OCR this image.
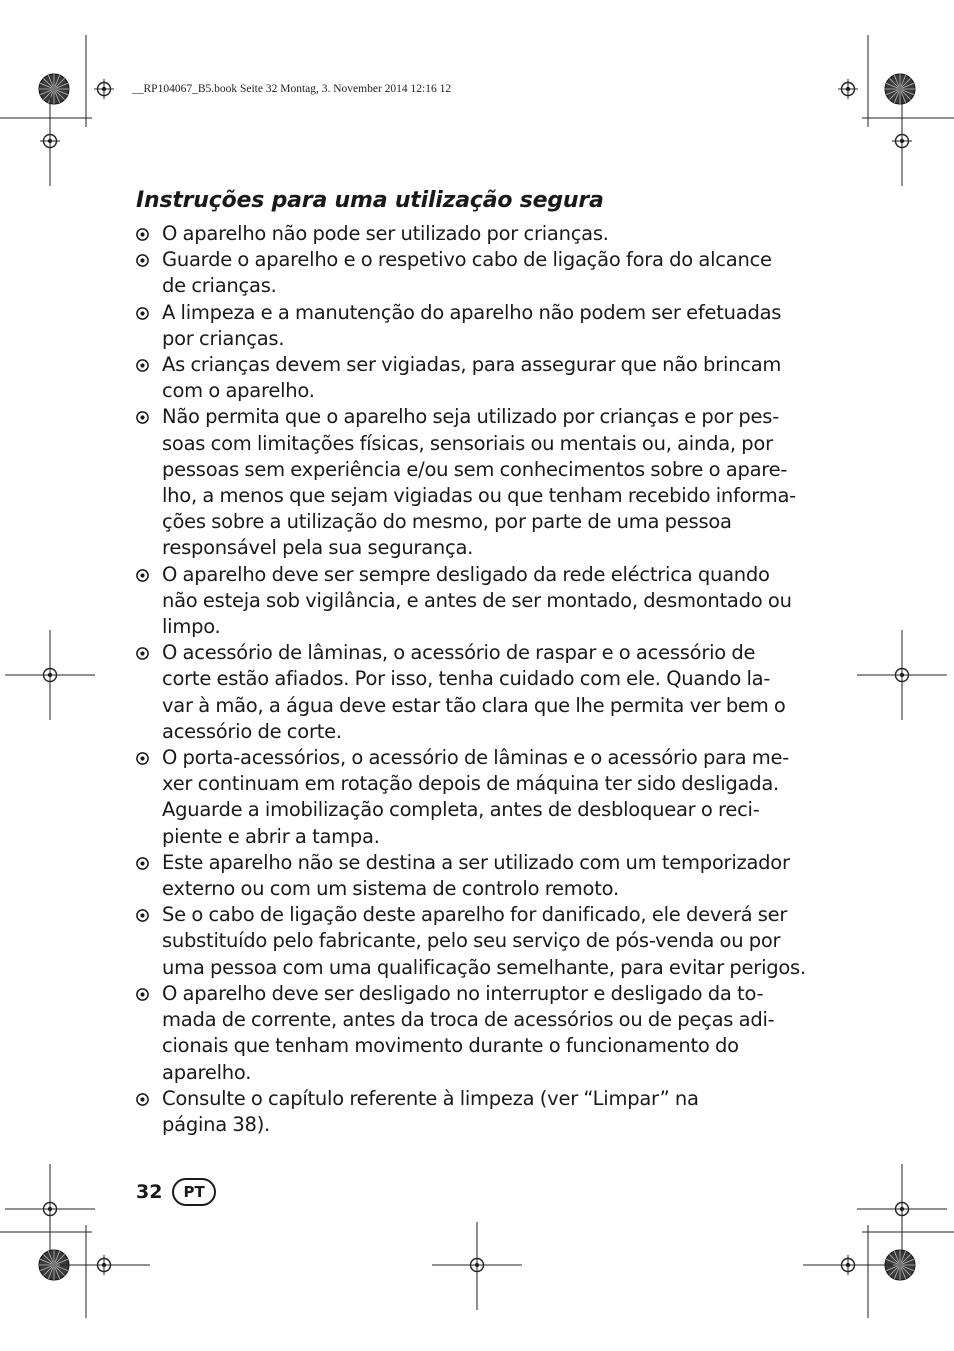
__RP104067_B5.book Seite 32 Montag, 3. November 2014 12:16 12
Instruções para uma utilização segura
O aparelho não pode ser utilizado por crianças.
Guarde o aparelho e o respetivo cabo de ligação fora do alcance
de crianças.
A limpeza e a manutenção do aparelho não podem ser efetuadas
por crianças.
As crianças devem ser vigiadas, para assegurar que não brincam
com o aparelho.
Não permita que o aparelho seja utilizado por crianças e por pes-
soas com limitações físicas, sensoriais ou mentais ou, ainda, por
pessoas sem experiência e/ou sem conhecimentos sobre o apare-
lho, a menos que sejam vigiadas ou que tenham recebido informa-
ções sobre a utilização do mesmo, por parte de uma pessoa
responsável pela sua segurança.
O aparelho deve ser sempre desligado da rede eléctrica quando
não esteja sob vigilância, e antes de ser montado, desmontado ou
limpo.
O acessório de lâminas, o acessório de raspar e o acessório de
corte estão afiados. Por isso, tenha cuidado com ele. Quando la-
var à mão, a água deve estar tão clara que lhe permita ver bem o
acessório de corte.
O porta-acessórios, o acessório de lâminas e o acessório para me-
xer continuam em rotação depois de máquina ter sido desligada.
Aguarde a imobilização completa, antes de desbloquear o reci-
piente e abrir a tampa.
Este aparelho não se destina a ser utilizado com um temporizador
externo ou com um sistema de controlo remoto.
Se o cabo de ligação deste aparelho for danificado, ele deverá ser
substituído pelo fabricante, pelo seu serviço de pós-venda ou por
uma pessoa com uma qualificação semelhante, para evitar perigos.
O aparelho deve ser desligado no interruptor e desligado da to-
mada de corrente, antes da troca de acessórios ou de peças adi-
cionais que tenham movimento durante o funcionamento do
aparelho.
Consulte o capítulo referente à limpeza (ver “Limpar” na
página 38).
32	PT
